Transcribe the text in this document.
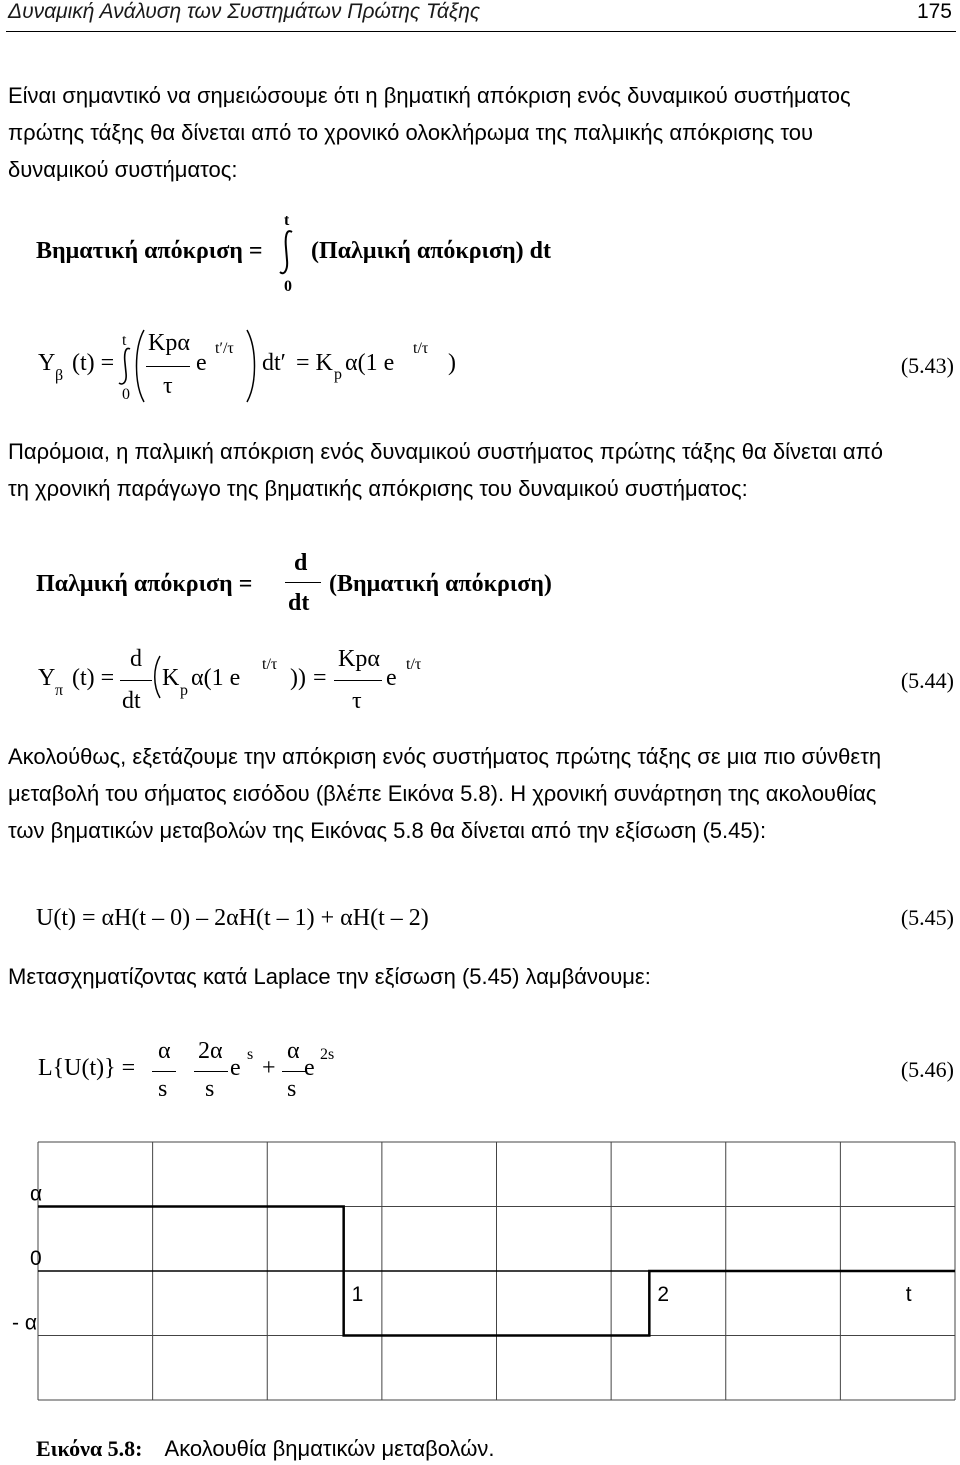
Δυναμική Ανάλυση των Συστημάτων Πρώτης Τάξης	175
Είναι σημαντικό να σημειώσουμε ότι η βηματική απόκριση ενός δυναμικού συστήματος
πρώτης τάξης θα δίνεται από το χρονικό ολοκλήρωμα της παλμικής απόκρισης του
δυναμικού συστήματος:
Βηματική απόκριση =
t
0
(Παλμική απόκριση) dt
Y β (t) =
t
0
Kpα
τ
e
t′/τ
dt′ = K p α(1 e
t/τ
)	(5.43)
Παρόμοια, η παλμική απόκριση ενός δυναμικού συστήματος πρώτης τάξης θα δίνεται από
τη χρονική παράγωγο της βηματικής απόκρισης του δυναμικού συστήματος:
Παλμική απόκριση =
d
dt
(Βηματική απόκριση)
Y π (t) =
d
dt
K p α(1 e
t/τ
)) =
Kpα
τ
e
t/τ
(5.44)
Ακολούθως, εξετάζουμε την απόκριση ενός συστήματος πρώτης τάξης σε μια πιο σύνθετη
μεταβολή του σήματος εισόδου (βλέπε Εικόνα 5.8). Η χρονική συνάρτηση της ακολουθίας
των βηματικών μεταβολών της Εικόνας 5.8 θα δίνεται από την εξίσωση (5.45):
U(t) = αH(t – 0) – 2αH(t – 1) + αH(t – 2)	(5.45)
Μετασχηματίζοντας κατά Laplace την εξίσωση (5.45) λαμβάνουμε:
L{U(t)} =
α
s
2α
s
e
s
+
α
s
e
2s
(5.46)
α
0
- α
1	2	t
Εικόνα 5.8: Ακολουθία βηματικών μεταβολών.
